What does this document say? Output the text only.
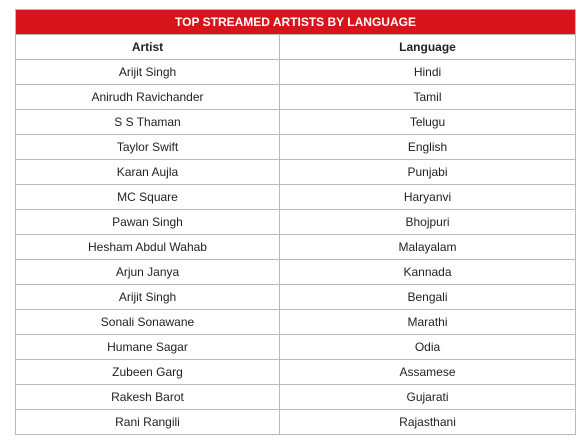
TOP STREAMED ARTISTS BY LANGUAGE	
Artist	Language
Arijit Singh	Hindi
Anirudh Ravichander	Tamil
S S Thaman	Telugu
Taylor Swift	English
Karan Aujla	Punjabi
MC Square	Haryanvi
Pawan Singh	Bhojpuri
Hesham Abdul Wahab	Malayalam
Arjun Janya	Kannada
Arijit Singh	Bengali
Sonali Sonawane	Marathi
Humane Sagar	Odia
Zubeen Garg	Assamese
Rakesh Barot	Gujarati
Rani Rangili	Rajasthani
